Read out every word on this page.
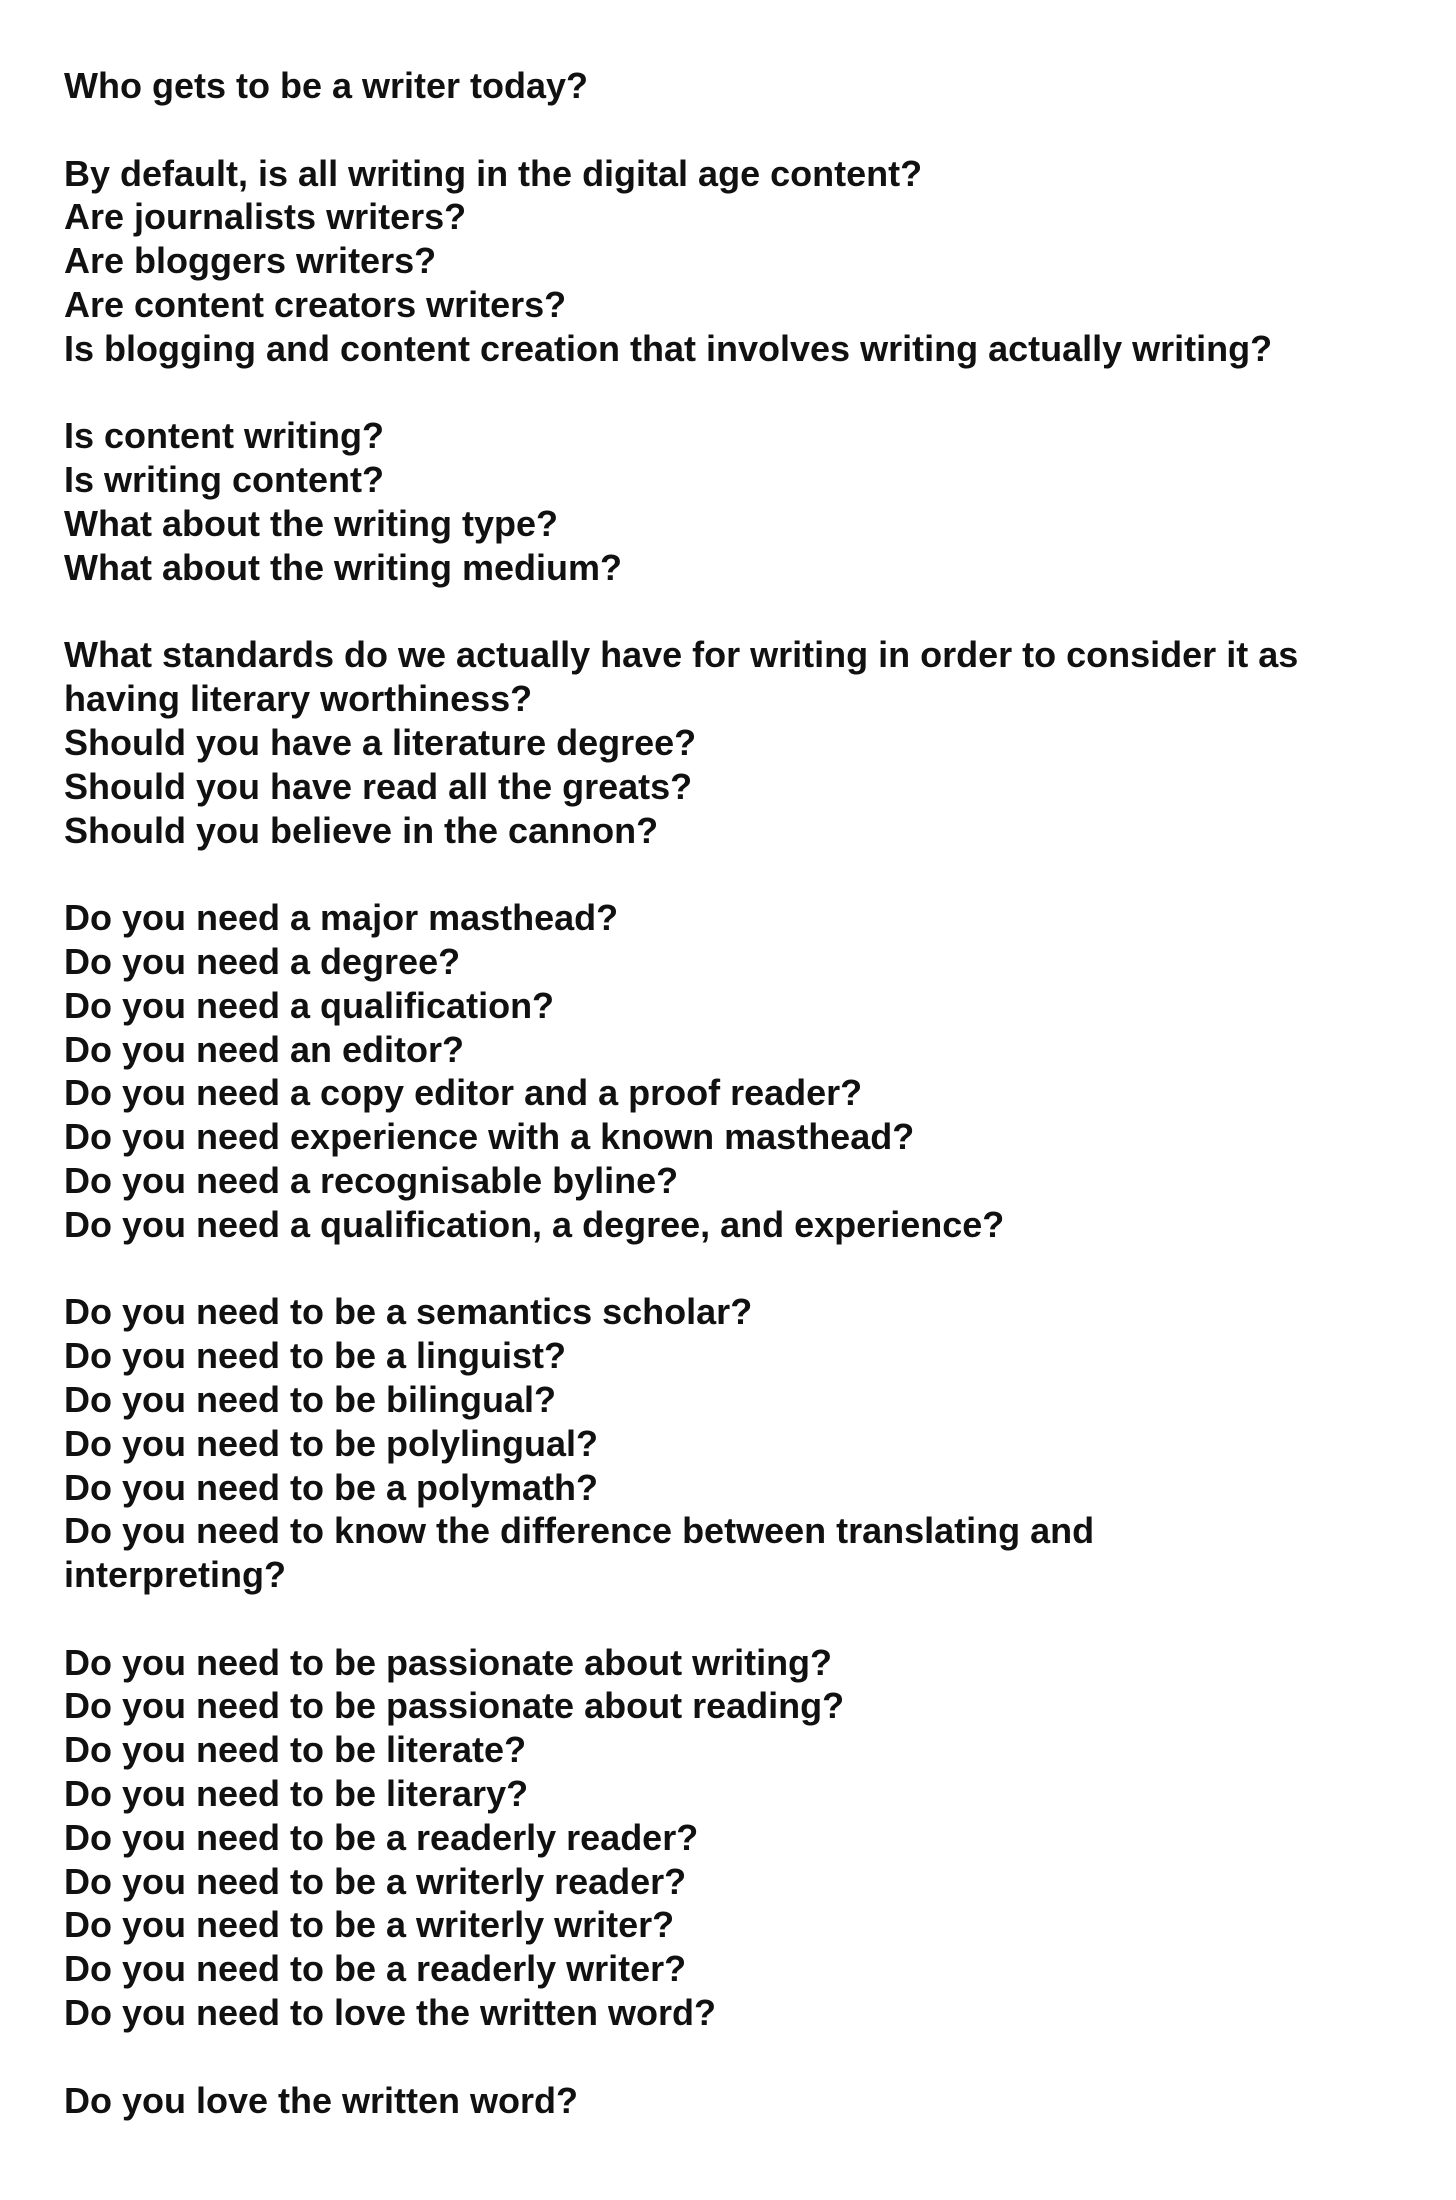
Who gets to be a writer today?

By default, is all writing in the digital age content?

Are journalists writers?

Are bloggers writers?

Are content creators writers?

Is blogging and content creation that involves writing actually writing?

Is content writing?

Is writing content?

What about the writing type?

What about the writing medium?

What standards do we actually have for writing in order to consider it as having literary worthiness?

Should you have a literature degree?

Should you have read all the greats?

Should you believe in the cannon?

Do you need a major masthead?

Do you need a degree?

Do you need a qualification?

Do you need an editor?

Do you need a copy editor and a proof reader?

Do you need experience with a known masthead?

Do you need a recognisable byline?

Do you need a qualification, a degree, and experience?

Do you need to be a semantics scholar?

Do you need to be a linguist?

Do you need to be bilingual?

Do you need to be polylingual?

Do you need to be a polymath?

Do you need to know the difference between translating and interpreting?

Do you need to be passionate about writing?

Do you need to be passionate about reading?

Do you need to be literate?

Do you need to be literary?

Do you need to be a readerly reader?

Do you need to be a writerly reader?

Do you need to be a writerly writer?

Do you need to be a readerly writer?

Do you need to love the written word?

Do you love the written word?
